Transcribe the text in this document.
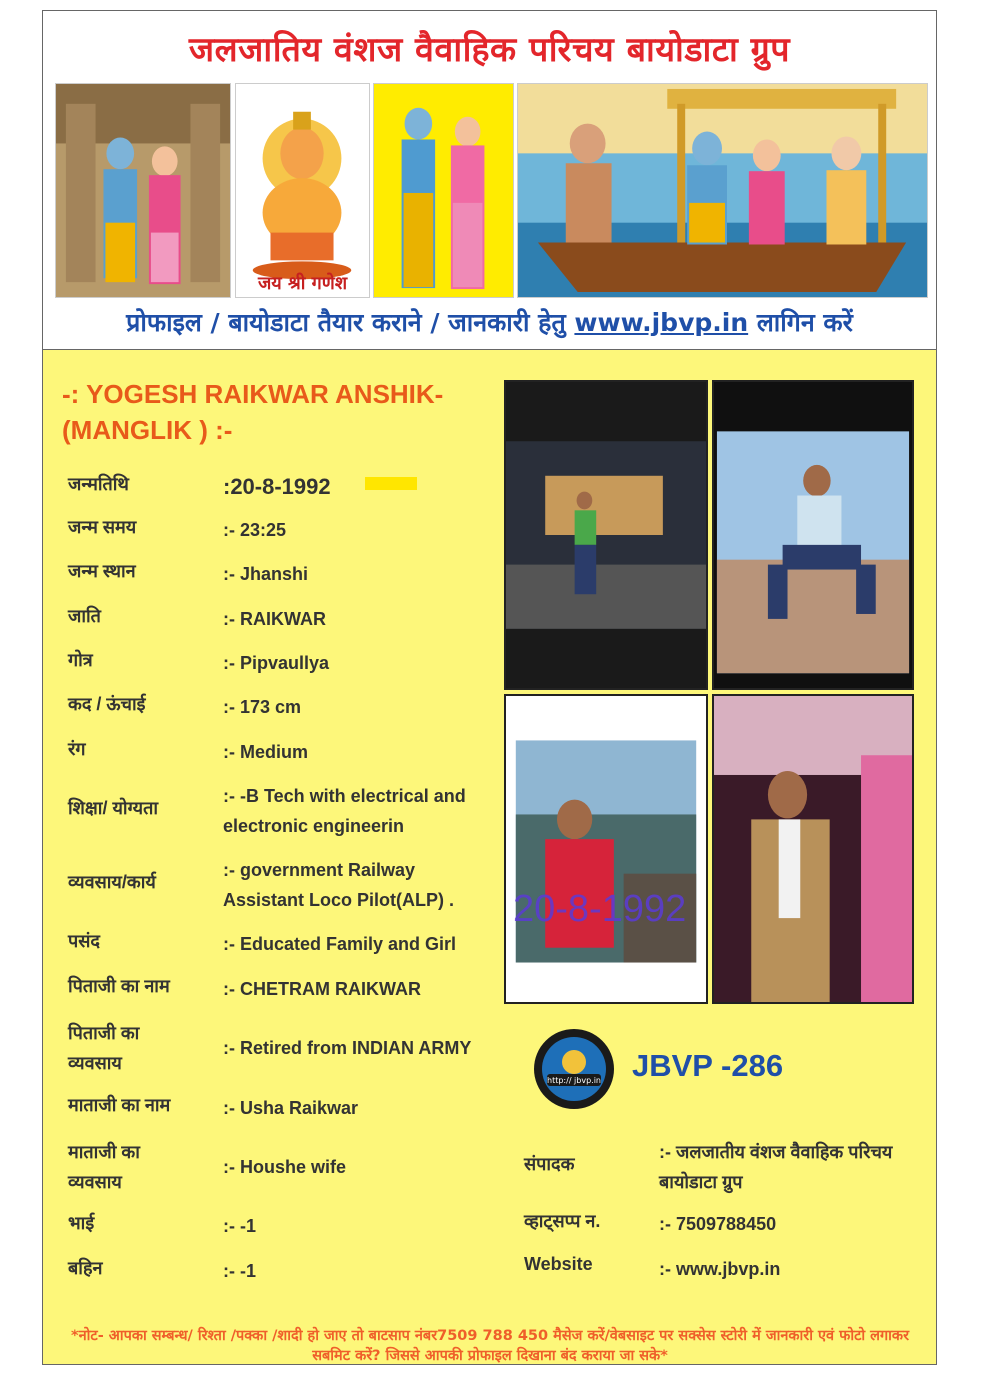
जलजातिय वंशज वैवाहिक परिचय बायोडाटा ग्रुप
जय श्री गणेश
प्रोफाइल / बायोडाटा तैयार कराने / जानकारी हेतु www.jbvp.in लागिन करें
-: YOGESH RAIKWAR ANSHIK-(MANGLIK ) :-
जन्मतिथि	:20-8-1992
जन्म समय	:- 23:25
जन्म स्थान	:- Jhanshi
जाति	:- RAIKWAR
गोत्र	:- Pipvaullya
कद / ऊंचाई	:- 173 cm
रंग	:- Medium
शिक्षा/ योग्यता
:- -B Tech with electrical and electronic engineerin
व्यवसाय/कार्य
:- government Railway Assistant Loco Pilot(ALP) .
पसंद	:- Educated Family and Girl
पिताजी का नाम	:- CHETRAM RAIKWAR
पिताजी का व्यवसाय
:- Retired from INDIAN ARMY
माताजी का नाम	:- Usha Raikwar
माताजी का व्यवसाय
:- Houshe wife
भाई	:- -1
बहिन	:- -1
20-8-1992
http:// jbvp.in JBVP -286
संपादक
:- जलजातीय वंशज वैवाहिक परिचय बायोडाटा ग्रुप
व्हाट्सप्प न.	:- 7509788450
Website	:- www.jbvp.in
*नोट- आपका सम्बन्ध/ रिश्ता /पक्का /शादी हो जाए तो बाटसाप नंबर7509 788 450 मैसेज करें/वेबसाइट पर सक्सेस स्टोरी में जानकारी एवं फोटो लगाकर सबमिट करें? जिससे आपकी प्रोफाइल दिखाना बंद कराया जा सके*
